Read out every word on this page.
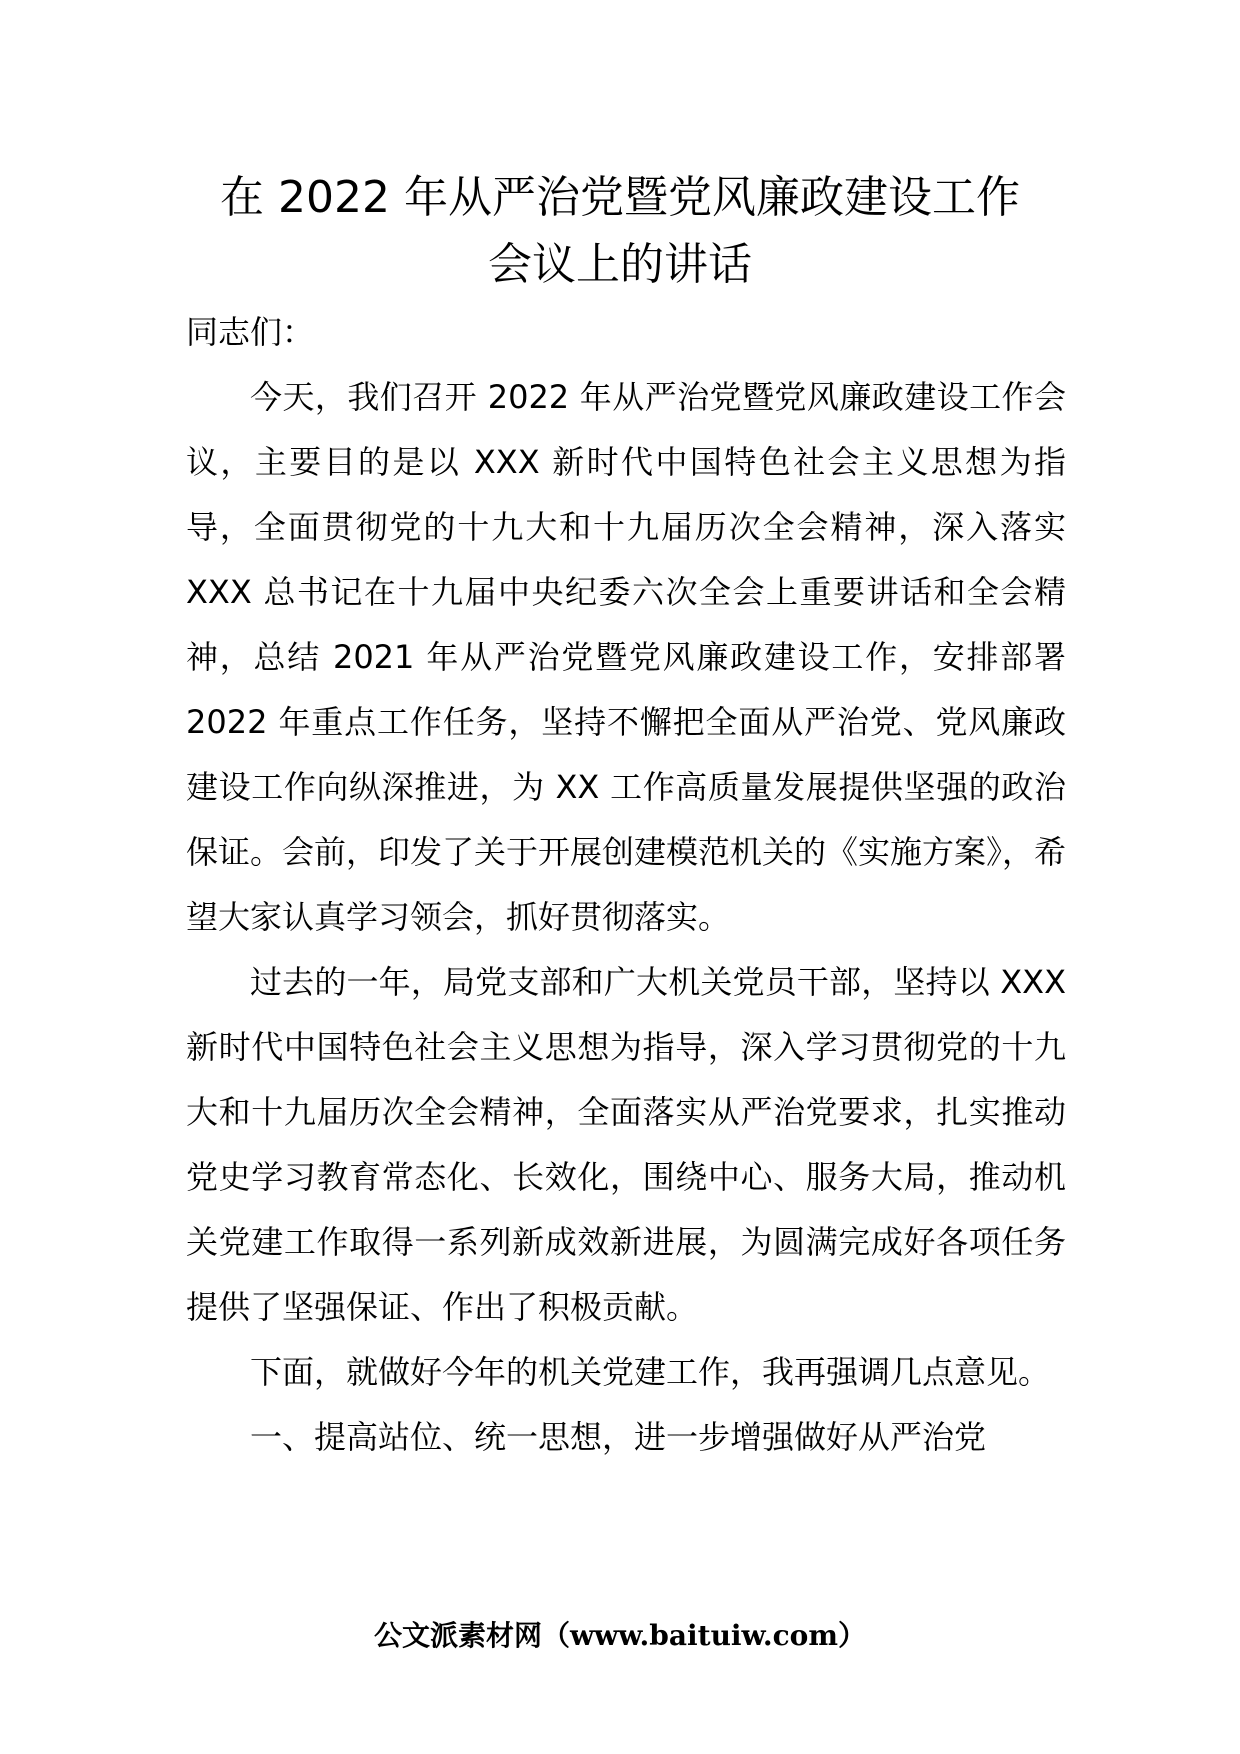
在 2022 年从严治党暨党风廉政建设工作
会议上的讲话

同志们：

今天，我们召开 2022 年从严治党暨党风廉政建设工作会议，主要目的是以 XXX 新时代中国特色社会主义思想为指导，全面贯彻党的十九大和十九届历次全会精神，深入落实 XXX 总书记在十九届中央纪委六次全会上重要讲话和全会精神，总结 2021 年从严治党暨党风廉政建设工作，安排部署 2022 年重点工作任务，坚持不懈把全面从严治党、党风廉政建设工作向纵深推进，为 XX 工作高质量发展提供坚强的政治保证。会前，印发了关于开展创建模范机关的《实施方案》，希望大家认真学习领会，抓好贯彻落实。

过去的一年，局党支部和广大机关党员干部，坚持以 XXX 新时代中国特色社会主义思想为指导，深入学习贯彻党的十九大和十九届历次全会精神，全面落实从严治党要求，扎实推动党史学习教育常态化、长效化，围绕中心、服务大局，推动机关党建工作取得一系列新成效新进展，为圆满完成好各项任务提供了坚强保证、作出了积极贡献。

下面，就做好今年的机关党建工作，我再强调几点意见。

一、提高站位、统一思想，进一步增强做好从严治党

公文派素材网（www.baituiw.com）
